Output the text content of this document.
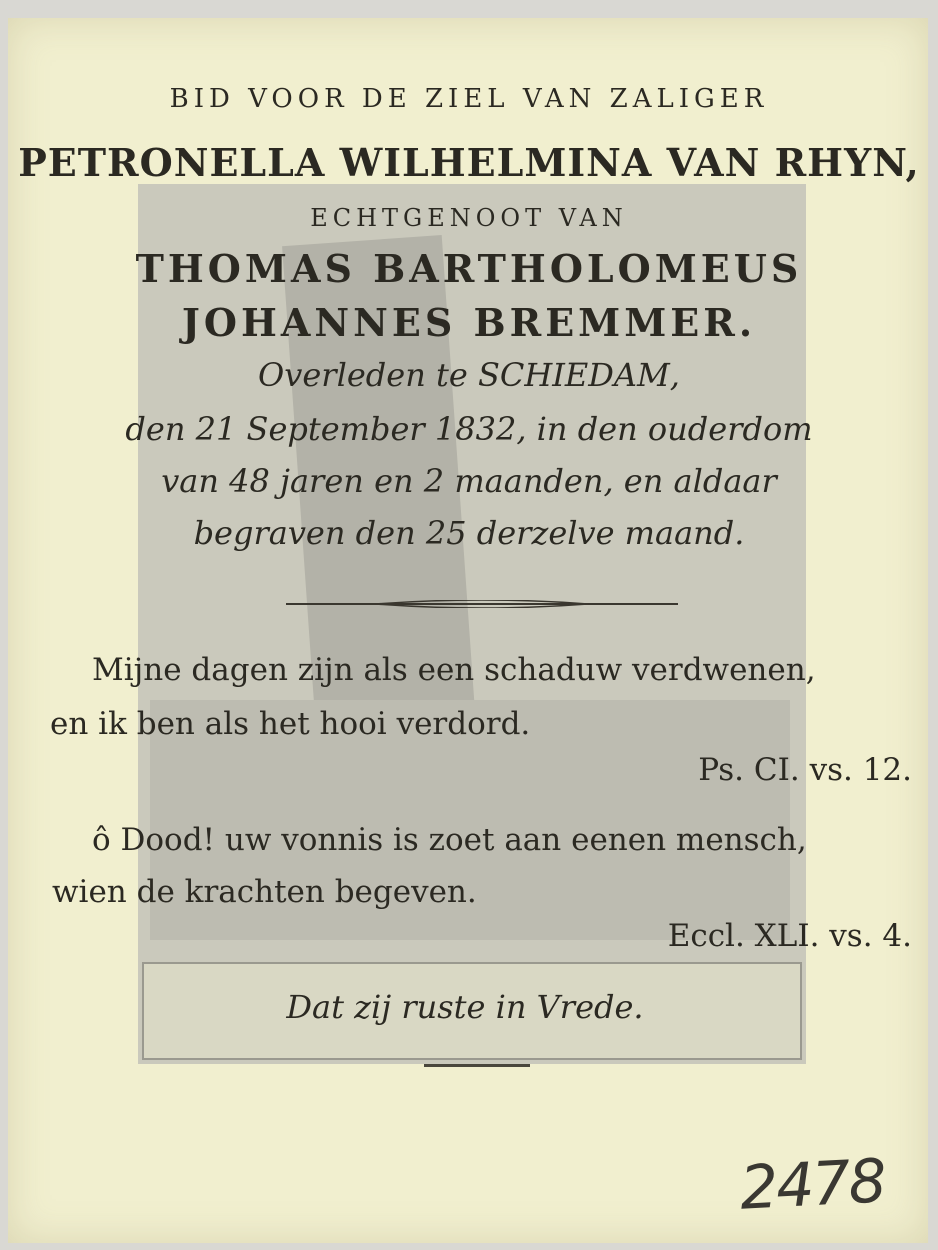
BID VOOR DE ZIEL VAN ZALIGER
PETRONELLA WILHELMINA VAN RHYN,
ECHTGENOOT VAN
THOMAS BARTHOLOMEUS
JOHANNES BREMMER.
Overleden te SCHIEDAM,
den 21 September 1832, in den ouderdom
van 48 jaren en 2 maanden, en aldaar
begraven den 25 derzelve maand.
Mijne dagen zijn als een schaduw verdwenen,
en ik ben als het hooi verdord.
Ps. CI. vs. 12.
ô Dood! uw vonnis is zoet aan eenen mensch,
wien de krachten begeven.
Eccl. XLI. vs. 4.
Dat zij ruste in Vrede.
2478
